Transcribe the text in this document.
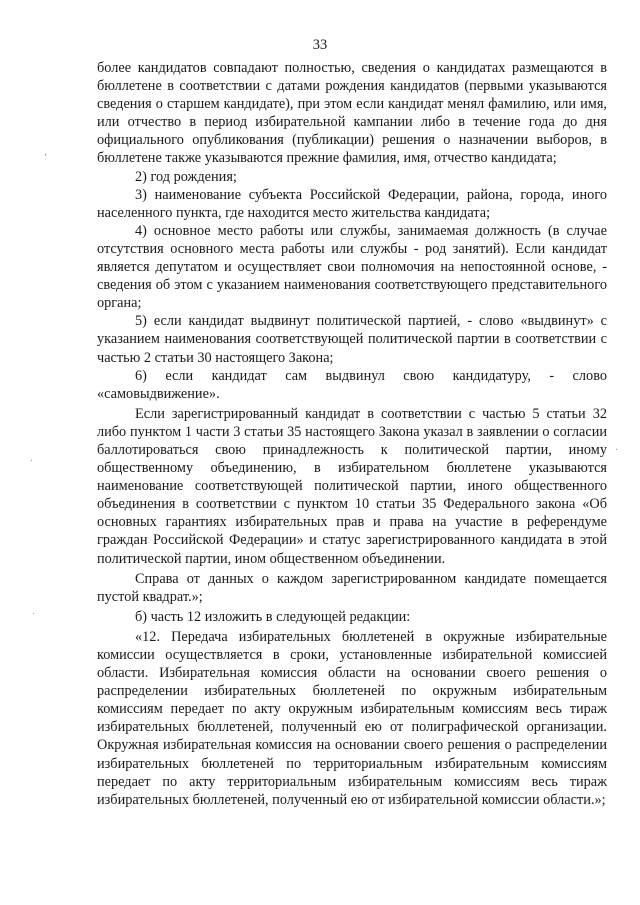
33

более кандидатов совпадают полностью, сведения о кандидатах размещаются в бюллетене в соответствии с датами рождения кандидатов (первыми указываются сведения о старшем кандидате), при этом если кандидат менял фамилию, или имя, или отчество в период избирательной кампании либо в течение года до дня официального опубликования (публикации) решения о назначении выборов, в бюллетене также указываются прежние фамилия, имя, отчество кандидата;

2) год рождения;

3) наименование субъекта Российской Федерации, района, города, иного населенного пункта, где находится место жительства кандидата;

4) основное место работы или службы, занимаемая должность (в случае отсутствия основного места работы или службы - род занятий). Если кандидат является депутатом и осуществляет свои полномочия на непостоянной основе, - сведения об этом с указанием наименования соответствующего представительного органа;

5) если кандидат выдвинут политической партией, - слово «выдвинут» с указанием наименования соответствующей политической партии в соответствии с частью 2 статьи 30 настоящего Закона;

6) если кандидат сам выдвинул свою кандидатуру, - слово «самовыдвижение».

Если зарегистрированный кандидат в соответствии с частью 5 статьи 32 либо пунктом 1 части 3 статьи 35 настоящего Закона указал в заявлении о согласии баллотироваться свою принадлежность к политической партии, иному общественному объединению, в избирательном бюллетене указываются наименование соответствующей политической партии, иного общественного объединения в соответствии с пунктом 10 статьи 35 Федерального закона «Об основных гарантиях избирательных прав и права на участие в референдуме граждан Российской Федерации» и статус зарегистрированного кандидата в этой политической партии, ином общественном объединении.

Справа от данных о каждом зарегистрированном кандидате помещается пустой квадрат.»;

б) часть 12 изложить в следующей редакции:

«12. Передача избирательных бюллетеней в окружные избирательные комиссии осуществляется в сроки, установленные избирательной комиссией области. Избирательная комиссия области на основании своего решения о распределении избирательных бюллетеней по окружным избирательным комиссиям передает по акту окружным избирательным комиссиям весь тираж избирательных бюллетеней, полученный ею от полиграфической организации. Окружная избирательная комиссия на основании своего решения о распределении избирательных бюллетеней по территориальным избирательным комиссиям передает по акту территориальным избирательным комиссиям весь тираж избирательных бюллетеней, полученный ею от избирательной комиссии области.»;

,
·
·
·
